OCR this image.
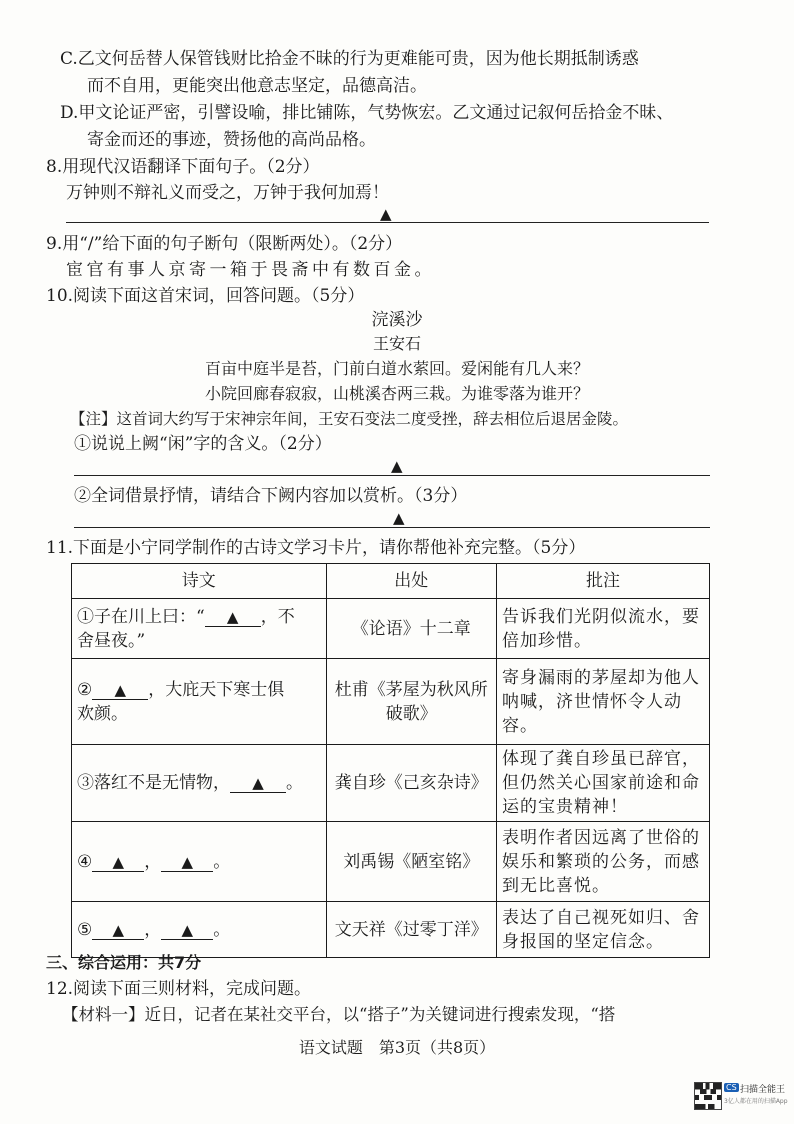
C.乙文何岳替人保管钱财比拾金不昧的行为更难能可贵，因为他长期抵制诱惑
而不自用，更能突出他意志坚定，品德高洁。
D.甲文论证严密，引譬设喻，排比铺陈，气势恢宏。乙文通过记叙何岳拾金不昧、
寄金而还的事迹，赞扬他的高尚品格。
8.用现代汉语翻译下面句子。（2分）
万钟则不辩礼义而受之，万钟于我何加焉！
▲
9.用“/”给下面的句子断句（限断两处）。（2分）
宦官有事人京寄一箱于畏斋中有数百金。
10.阅读下面这首宋词，回答问题。（5分）
浣溪沙
王安石
百亩中庭半是苔，门前白道水萦回。爱闲能有几人来？
小院回廊春寂寂，山桃溪杏两三栽。为谁零落为谁开？
【注】这首词大约写于宋神宗年间，王安石变法二度受挫，辞去相位后退居金陵。
①说说上阙“闲”字的含义。（2分）
▲
②全词借景抒情，请结合下阙内容加以赏析。（3分）
▲
11.下面是小宁同学制作的古诗文学习卡片，请你帮他补充完整。（5分）
诗文	出处	批注
①子在川上曰：“ ▲ ，不
舍昼夜。”	《论语》十二章	告诉我们光阴似流水，要倍加珍惜。
② ▲ ，大庇天下寒士俱
欢颜。	杜甫《茅屋为秋风所破歌》	寄身漏雨的茅屋却为他人呐喊，济世情怀令人动容。
③落红不是无情物， ▲ 。	龚自珍《己亥杂诗》	体现了龚自珍虽已辞官，但仍然关心国家前途和命运的宝贵精神！
④ ▲ ， ▲ 。	刘禹锡《陋室铭》	表明作者因远离了世俗的娱乐和繁琐的公务，而感到无比喜悦。
⑤ ▲ ， ▲ 。	文天祥《过零丁洋》	表达了自己视死如归、舍身报国的坚定信念。
三、综合运用：共7分
12.阅读下面三则材料，完成问题。
【材料一】近日，记者在某社交平台，以“搭子”为关键词进行搜索发现，“搭
语文试题　第3页（共8页）
CS 扫描全能王
3亿人都在用的扫描App
